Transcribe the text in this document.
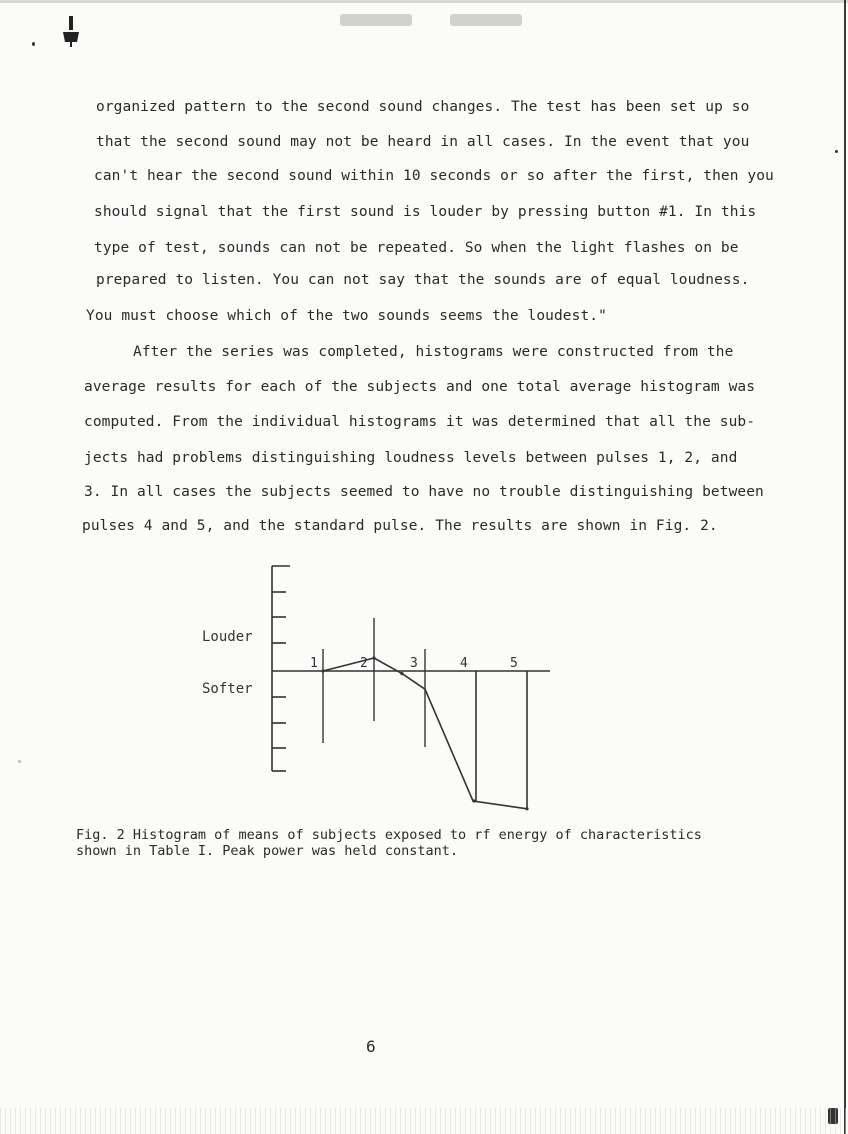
organized pattern to the second sound changes. The test has been set up so
that the second sound may not be heard in all cases. In the event that you
can't hear the second sound within 10 seconds or so after the first, then you
should signal that the first sound is louder by pressing button #1. In this
type of test, sounds can not be repeated. So when the light flashes on be
prepared to listen. You can not say that the sounds are of equal loudness.
You must choose which of the two sounds seems the loudest."
After the series was completed, histograms were constructed from the
average results for each of the subjects and one total average histogram was
computed. From the individual histograms it was determined that all the sub-
jects had problems distinguishing loudness levels between pulses 1, 2, and
3. In all cases the subjects seemed to have no trouble distinguishing between
pulses 4 and 5, and the standard pulse. The results are shown in Fig. 2.
1	2	3	4	5
Louder
Softer
Fig. 2 Histogram of means of subjects exposed to rf energy of characteristics
shown in Table I. Peak power was held constant.
6
